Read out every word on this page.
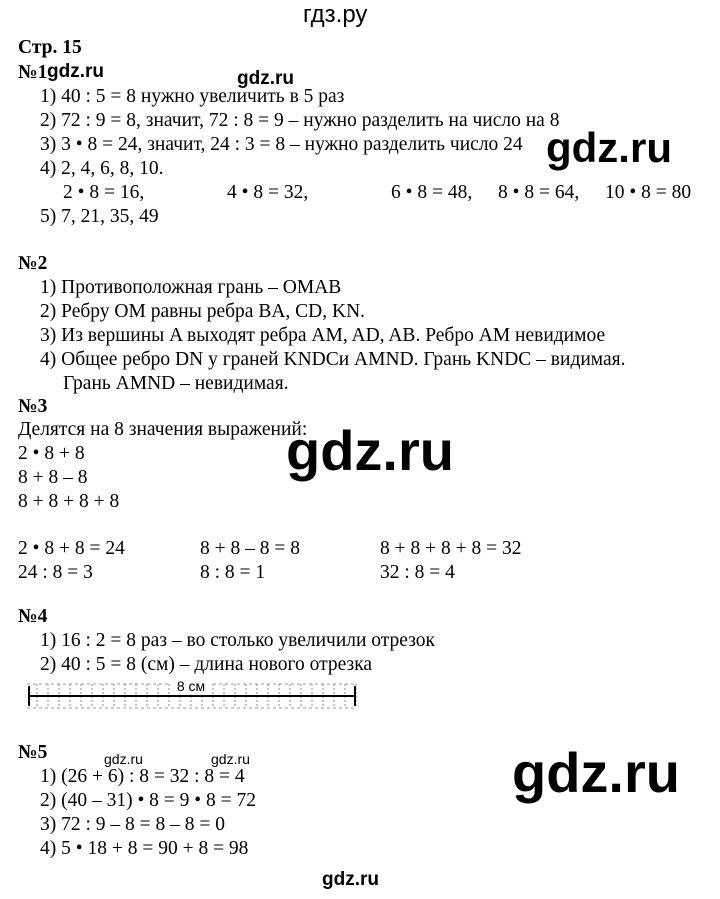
гдз.ру
Стр. 15
№1
1) 40 : 5 = 8 нужно увеличить в 5 раз
2) 72 : 9 = 8, значит, 72 : 8 = 9 – нужно разделить на число на 8
3) 3 • 8 = 24, значит, 24 : 3 = 8 – нужно разделить число 24
4) 2, 4, 6, 8, 10.
2 • 8 = 16,	4 • 8 = 32,	6 • 8 = 48, 8 • 8 = 64, 10 • 8 = 80
5) 7, 21, 35, 49
№2
1) Противоположная грань – OMAB
2) Ребру OM равны ребра BA, CD, KN.
3) Из вершины A выходят ребра AM, AD, AB. Ребро AM невидимое
4) Общее ребро DN у граней KNDCи AMND. Грань KNDC – видимая.
Грань AMND – невидимая.
№3
Делятся на 8 значения выражений:
2 • 8 + 8
8 + 8 – 8
8 + 8 + 8 + 8
2 • 8 + 8 = 24	8 + 8 – 8 = 8	8 + 8 + 8 + 8 = 32
24 : 8 = 3	8 : 8 = 1	32 : 8 = 4
№4
1) 16 : 2 = 8 раз – во столько увеличили отрезок
2) 40 : 5 = 8 (см) – длина нового отрезка
8 см
№5
1) (26 + 6) : 8 = 32 : 8 = 4
2) (40 – 31) • 8 = 9 • 8 = 72
3) 72 : 9 – 8 = 8 – 8 = 0
4) 5 • 18 + 8 = 90 + 8 = 98
gdz.ru	gdz.ru
gdz.ru
gdz.ru
gdz.ru	gdz.ru	gdz.ru
gdz.ru
